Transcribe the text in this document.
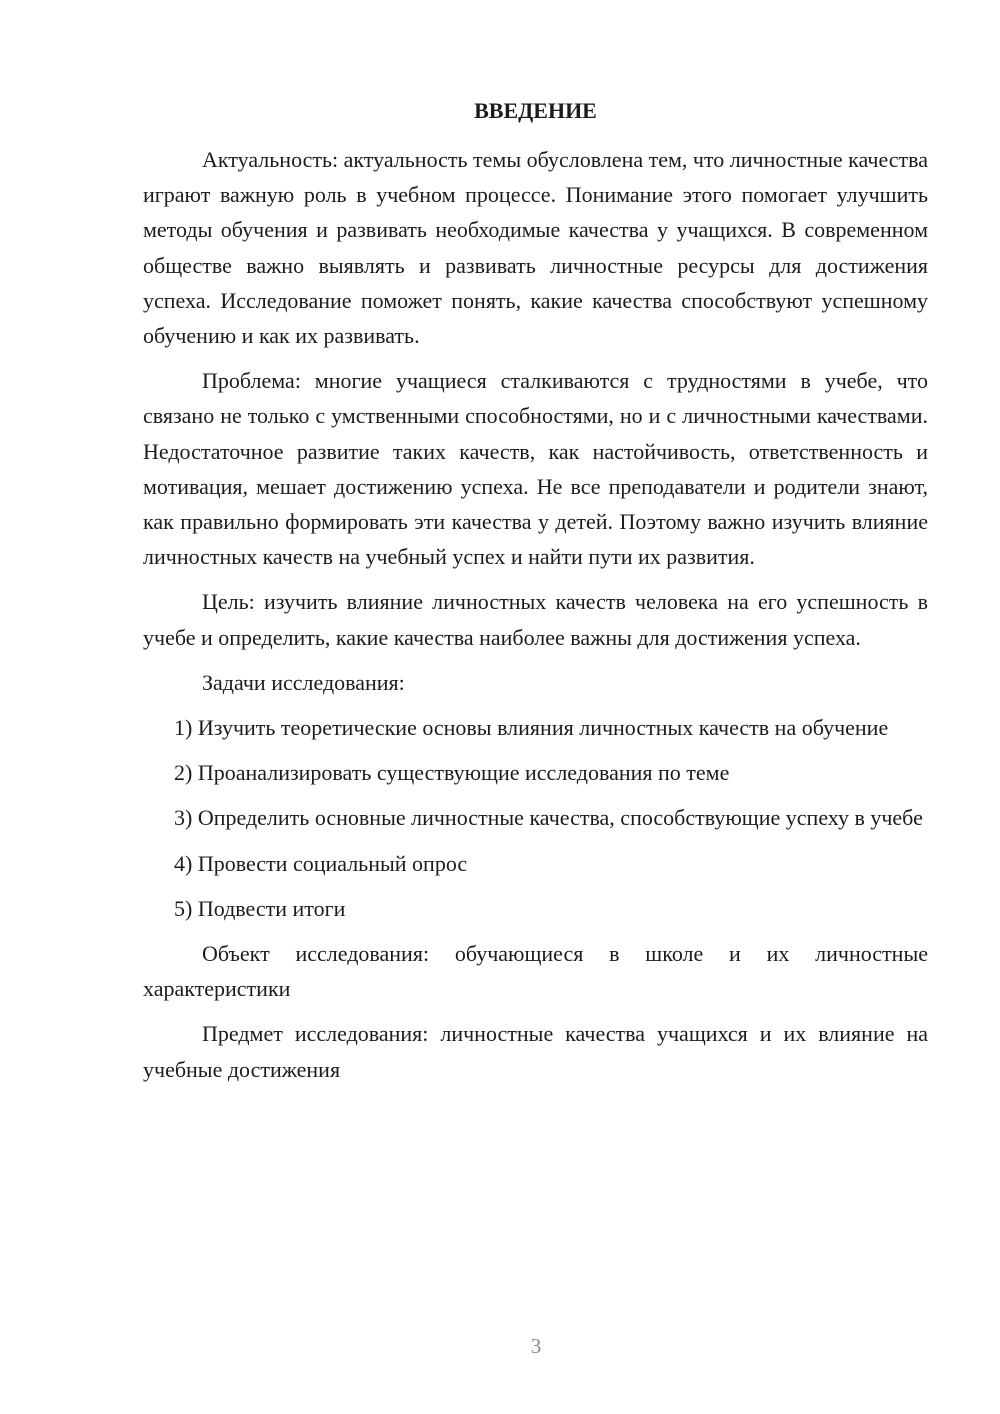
ВВЕДЕНИЕ

Актуальность: актуальность темы обусловлена тем, что личностные качества играют важную роль в учебном процессе. Понимание этого помогает улучшить методы обучения и развивать необходимые качества у учащихся. В современном обществе важно выявлять и развивать личностные ресурсы для достижения успеха. Исследование поможет понять, какие качества способствуют успешному обучению и как их развивать.

Проблема: многие учащиеся сталкиваются с трудностями в учебе, что связано не только с умственными способностями, но и с личностными качествами. Недостаточное развитие таких качеств, как настойчивость, ответственность и мотивация, мешает достижению успеха. Не все преподаватели и родители знают, как правильно формировать эти качества у детей. Поэтому важно изучить влияние личностных качеств на учебный успех и найти пути их развития.

Цель: изучить влияние личностных качеств человека на его успешность в учебе и определить, какие качества наиболее важны для достижения успеха.

Задачи исследования:

1) Изучить теоретические основы влияния личностных качеств на обучение

2) Проанализировать существующие исследования по теме

3) Определить основные личностные качества, способствующие успеху в учебе

4) Провести социальный опрос

5) Подвести итоги

Объект исследования: обучающиеся в школе и их личностные характеристики

Предмет исследования: личностные качества учащихся и их влияние на учебные достижения

3
